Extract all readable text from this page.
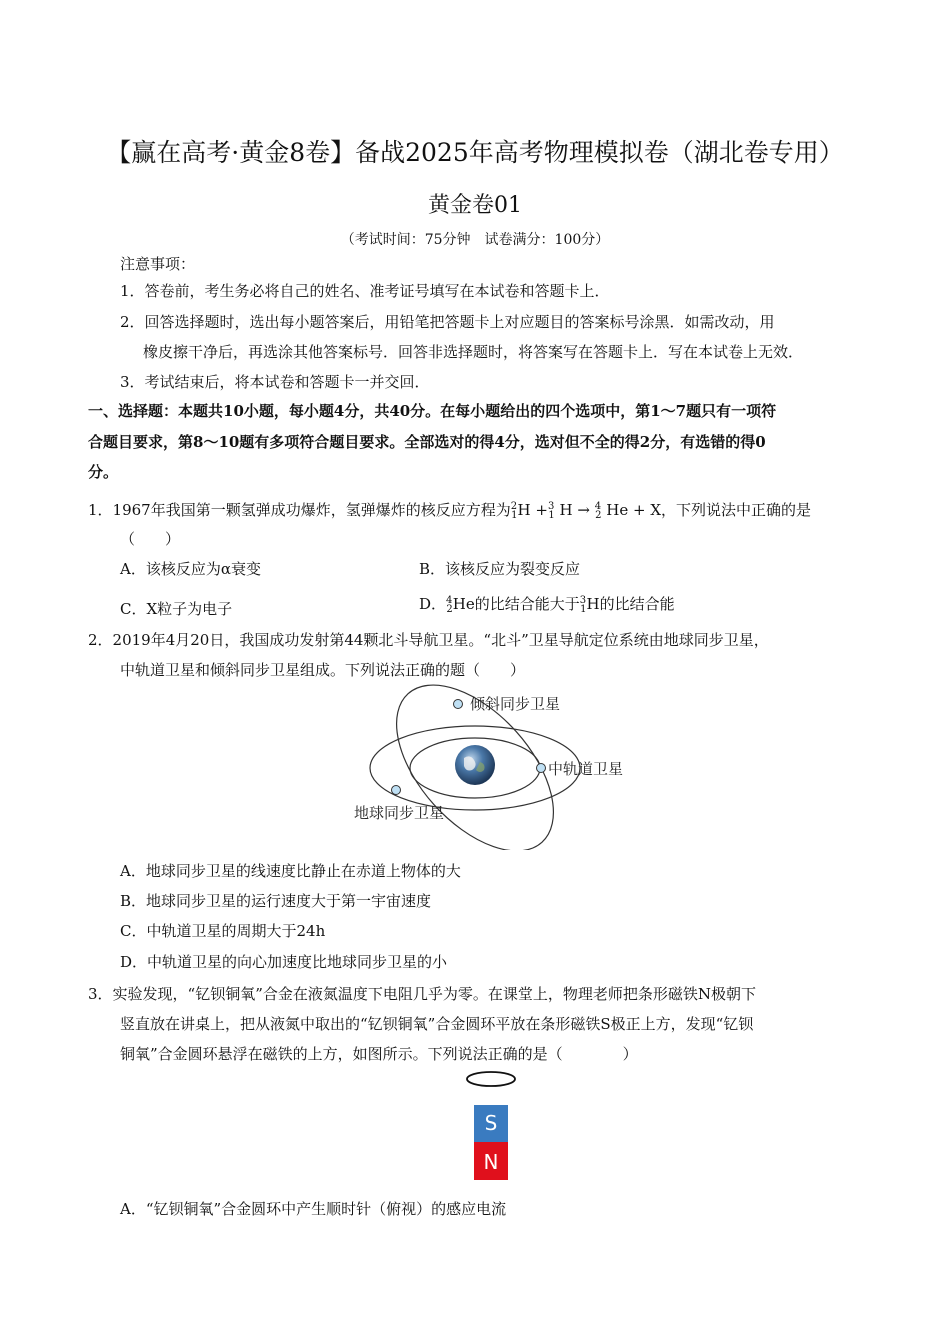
【赢在高考·黄金8卷】备战2025年高考物理模拟卷（湖北卷专用）
黄金卷01
（考试时间：75分钟　试卷满分：100分）
注意事项：
1．答卷前，考生务必将自己的姓名、准考证号填写在本试卷和答题卡上．
2．回答选择题时，选出每小题答案后，用铅笔把答题卡上对应题目的答案标号涂黑．如需改动，用
橡皮擦干净后，再选涂其他答案标号．回答非选择题时，将答案写在答题卡上．写在本试卷上无效．
3．考试结束后，将本试卷和答题卡一并交回．
一、选择题：本题共10小题，每小题4分，共40分。在每小题给出的四个选项中，第1～7题只有一项符
合题目要求，第8～10题有多项符合题目要求。全部选对的得4分，选对但不全的得2分，有选错的得0
分。
1．1967年我国第一颗氢弹成功爆炸，氢弹爆炸的核反应方程为$^2_1$H +$^3_1$ H → $^4_2$ He + X，下列说法中正确的是
（　　）
A．该核反应为α衰变	B．该核反应为裂变反应
C．X粒子为电子	D．$^4_2$He的比结合能大于$^3_1$H的比结合能
2．2019年4月20日，我国成功发射第44颗北斗导航卫星。“北斗”卫星导航定位系统由地球同步卫星，
中轨道卫星和倾斜同步卫星组成。下列说法正确的题（　　）
倾斜同步卫星
中轨道卫星
地球同步卫星
A．地球同步卫星的线速度比静止在赤道上物体的大
B．地球同步卫星的运行速度大于第一宇宙速度
C．中轨道卫星的周期大于24h
D．中轨道卫星的向心加速度比地球同步卫星的小
3．实验发现，“钇钡铜氧”合金在液氮温度下电阻几乎为零。在课堂上，物理老师把条形磁铁N极朝下
竖直放在讲桌上，把从液氮中取出的“钇钡铜氧”合金圆环平放在条形磁铁S极正上方，发现“钇钡
铜氧”合金圆环悬浮在磁铁的上方，如图所示。下列说法正确的是（　　　　）
S
N
A．“钇钡铜氧”合金圆环中产生顺时针（俯视）的感应电流
